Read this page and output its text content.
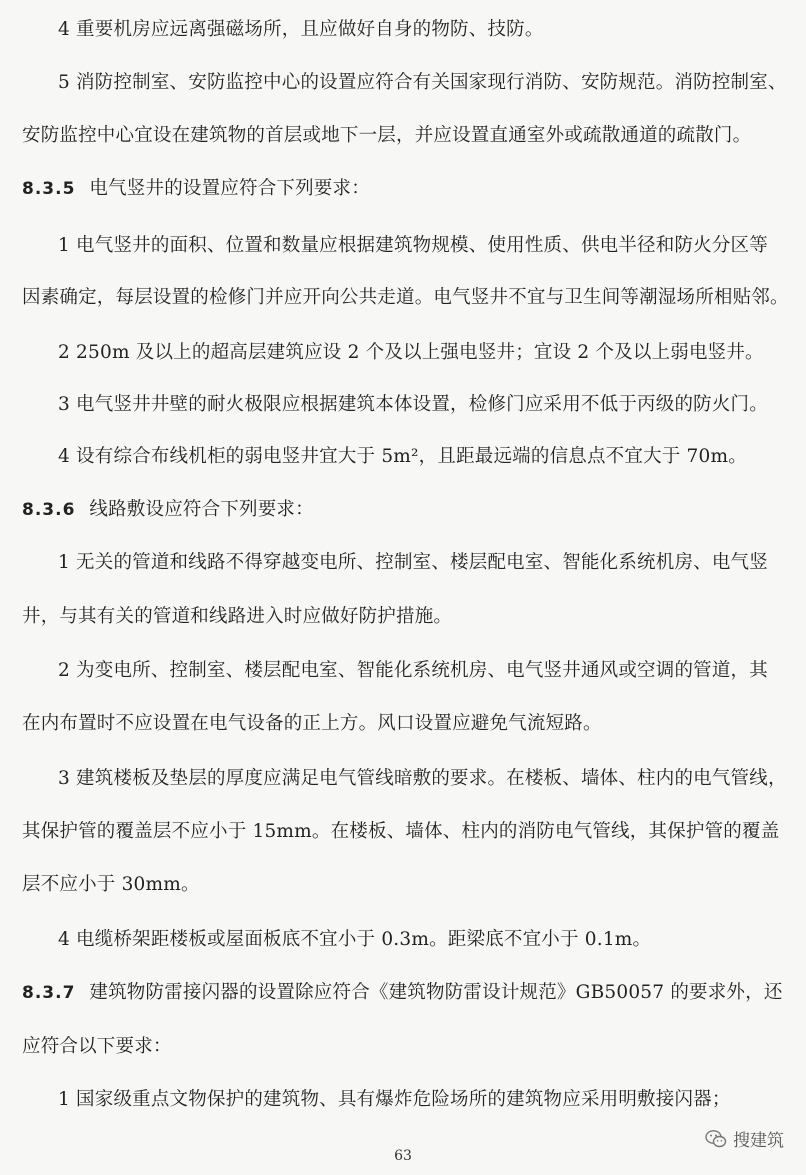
4 重要机房应远离强磁场所，且应做好自身的物防、技防。
5 消防控制室、安防监控中心的设置应符合有关国家现行消防、安防规范。消防控制室、
安防监控中心宜设在建筑物的首层或地下一层，并应设置直通室外或疏散通道的疏散门。
8.3.5 电气竖井的设置应符合下列要求：
1 电气竖井的面积、位置和数量应根据建筑物规模、使用性质、供电半径和防火分区等
因素确定，每层设置的检修门并应开向公共走道。电气竖井不宜与卫生间等潮湿场所相贴邻。
2 250m 及以上的超高层建筑应设 2 个及以上强电竖井；宜设 2 个及以上弱电竖井。
3 电气竖井井壁的耐火极限应根据建筑本体设置，检修门应采用不低于丙级的防火门。
4 设有综合布线机柜的弱电竖井宜大于 5m²，且距最远端的信息点不宜大于 70m。
8.3.6 线路敷设应符合下列要求：
1 无关的管道和线路不得穿越变电所、控制室、楼层配电室、智能化系统机房、电气竖
井，与其有关的管道和线路进入时应做好防护措施。
2 为变电所、控制室、楼层配电室、智能化系统机房、电气竖井通风或空调的管道，其
在内布置时不应设置在电气设备的正上方。风口设置应避免气流短路。
3 建筑楼板及垫层的厚度应满足电气管线暗敷的要求。在楼板、墙体、柱内的电气管线，
其保护管的覆盖层不应小于 15mm。在楼板、墙体、柱内的消防电气管线，其保护管的覆盖
层不应小于 30mm。
4 电缆桥架距楼板或屋面板底不宜小于 0.3m。距梁底不宜小于 0.1m。
8.3.7 建筑物防雷接闪器的设置除应符合《建筑物防雷设计规范》GB50057 的要求外，还
应符合以下要求：
1 国家级重点文物保护的建筑物、具有爆炸危险场所的建筑物应采用明敷接闪器；
搜建筑
63
